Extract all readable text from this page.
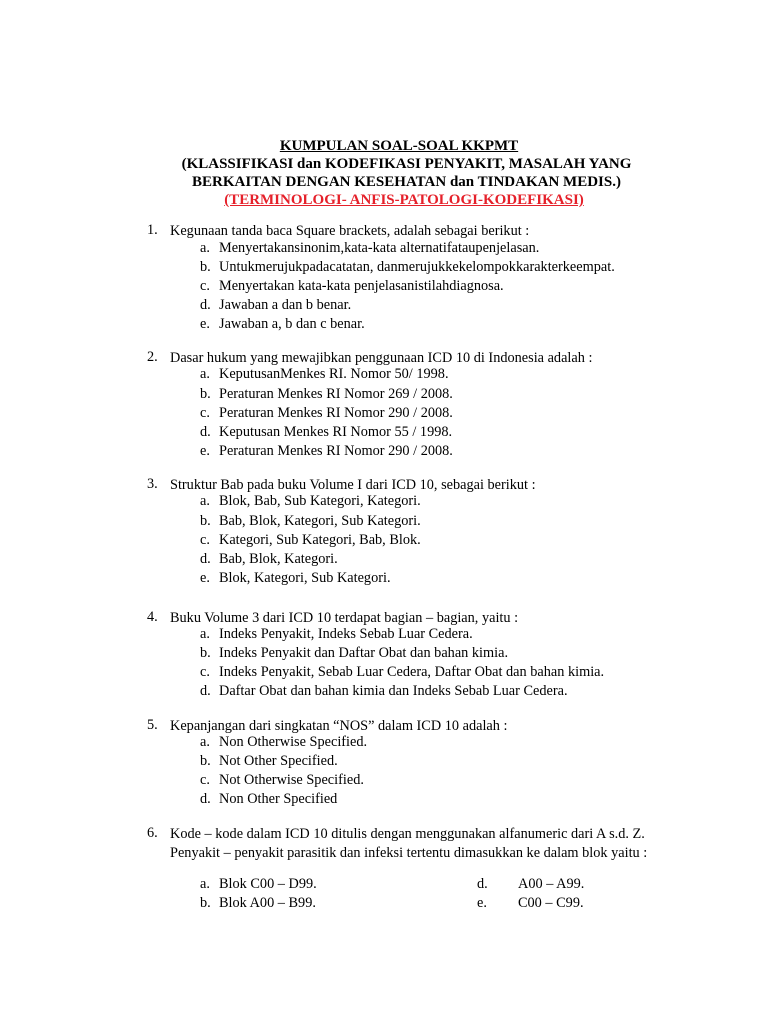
KUMPULAN SOAL-SOAL KKPMT
(KLASSIFIKASI dan KODEFIKASI PENYAKIT, MASALAH YANG
BERKAITAN DENGAN KESEHATAN dan TINDAKAN MEDIS.)
(TERMINOLOGI- ANFIS-PATOLOGI-KODEFIKASI)
1. Kegunaan tanda baca Square brackets, adalah sebagai berikut :
a. Menyertakansinonim,kata-kata alternatifataupenjelasan.
b. Untukmerujukpadacatatan, danmerujukkekelompokkarakterkeempat.
c. Menyertakan kata-kata penjelasanistilahdiagnosa.
d. Jawaban a dan b benar.
e. Jawaban a, b dan c benar.
2. Dasar hukum yang mewajibkan penggunaan ICD 10 di Indonesia adalah :
a. KeputusanMenkes RI. Nomor 50/ 1998.
b. Peraturan Menkes RI Nomor 269 / 2008.
c. Peraturan Menkes RI Nomor 290 / 2008.
d. Keputusan Menkes RI Nomor 55 / 1998.
e. Peraturan Menkes RI Nomor 290 / 2008.
3. Struktur Bab pada buku Volume I dari ICD 10, sebagai berikut :
a. Blok, Bab, Sub Kategori, Kategori.
b. Bab, Blok, Kategori, Sub Kategori.
c. Kategori, Sub Kategori, Bab, Blok.
d. Bab, Blok, Kategori.
e. Blok, Kategori, Sub Kategori.
4. Buku Volume 3 dari ICD 10 terdapat bagian – bagian, yaitu :
a. Indeks Penyakit, Indeks Sebab Luar Cedera.
b. Indeks Penyakit dan Daftar Obat dan bahan kimia.
c. Indeks Penyakit, Sebab Luar Cedera, Daftar Obat dan bahan kimia.
d. Daftar Obat dan bahan kimia dan Indeks Sebab Luar Cedera.
5. Kepanjangan dari singkatan “NOS” dalam ICD 10 adalah :
a. Non Otherwise Specified.
b. Not Other Specified.
c. Not Otherwise Specified.
d. Non Other Specified
6. Kode – kode dalam ICD 10 ditulis dengan menggunakan alfanumeric dari A s.d. Z. Penyakit – penyakit parasitik dan infeksi tertentu dimasukkan ke dalam blok yaitu :
a. Blok C00 – D99.
b. Blok A00 – B99.
d. A00 – A99.
e. C00 – C99.
